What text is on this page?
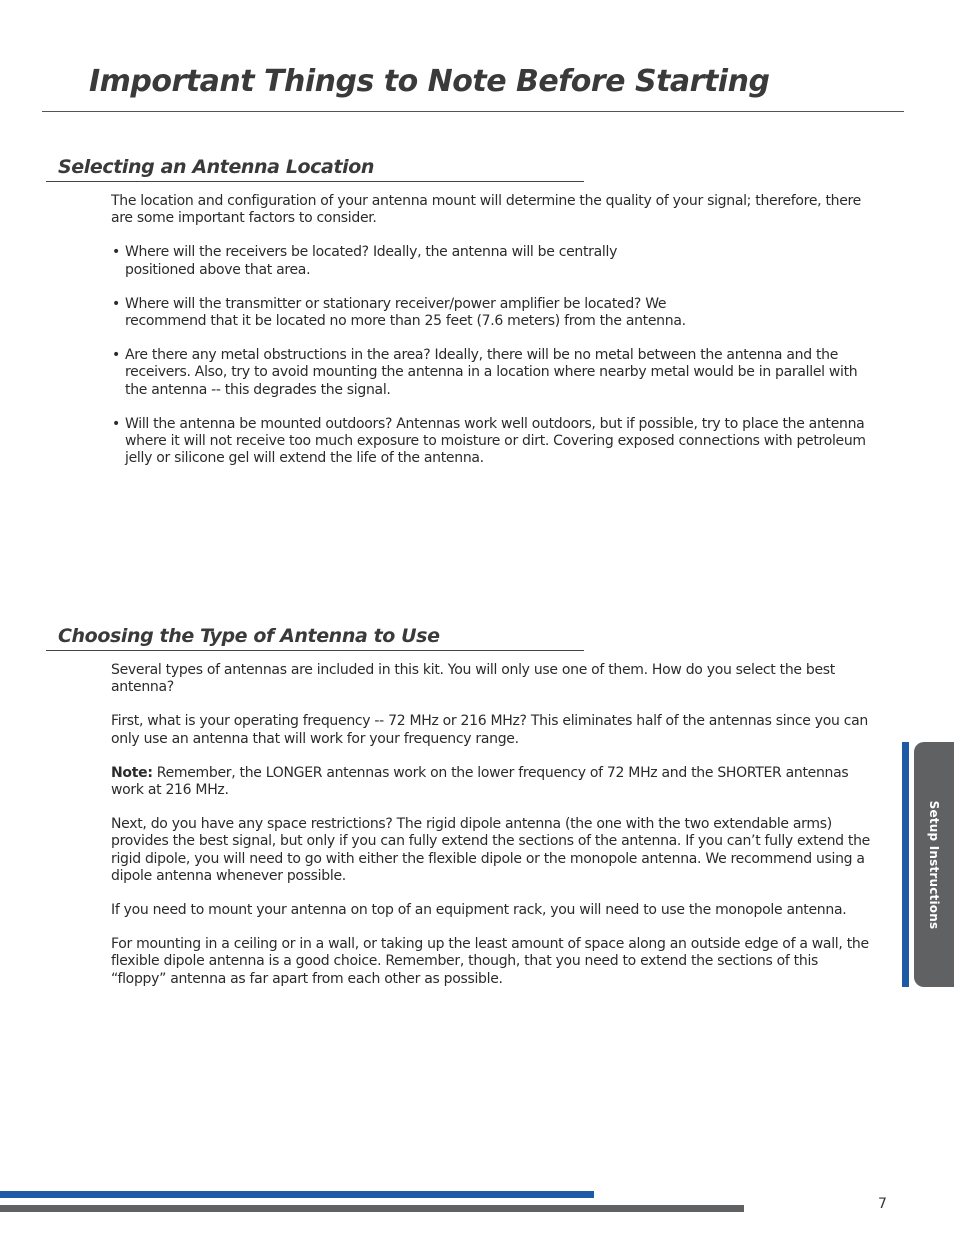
Important Things to Note Before Starting
Selecting an Antenna Location

The location and configuration of your antenna mount will determine the quality of your signal; therefore, there are some important factors to consider.

• Where will the receivers be located? Ideally, the antenna will be centrally positioned above that area.
• Where will the transmitter or stationary receiver/power amplifier be located? We recommend that it be located no more than 25 feet (7.6 meters) from the antenna.
• Are there any metal obstructions in the area? Ideally, there will be no metal between the antenna and the receivers. Also, try to avoid mounting the antenna in a location where nearby metal would be in parallel with the antenna -- this degrades the signal.
• Will the antenna be mounted outdoors? Antennas work well outdoors, but if possible, try to place the antenna where it will not receive too much exposure to moisture or dirt. Covering exposed connections with petroleum jelly or silicone gel will extend the life of the antenna.
Choosing the Type of Antenna to Use

Several types of antennas are included in this kit. You will only use one of them. How do you select the best antenna?

First, what is your operating frequency -- 72 MHz or 216 MHz? This eliminates half of the antennas since you can only use an antenna that will work for your frequency range.

Note: Remember, the LONGER antennas work on the lower frequency of 72 MHz and the SHORTER antennas work at 216 MHz.

Next, do you have any space restrictions? The rigid dipole antenna (the one with the two extendable arms) provides the best signal, but only if you can fully extend the sections of the antenna. If you can’t fully extend the rigid dipole, you will need to go with either the flexible dipole or the monopole antenna. We recommend using a dipole antenna whenever possible.

If you need to mount your antenna on top of an equipment rack, you will need to use the monopole antenna.

For mounting in a ceiling or in a wall, or taking up the least amount of space along an outside edge of a wall, the flexible dipole antenna is a good choice. Remember, though, that you need to extend the sections of this “floppy” antenna as far apart from each other as possible.

Setup Instructions
7
